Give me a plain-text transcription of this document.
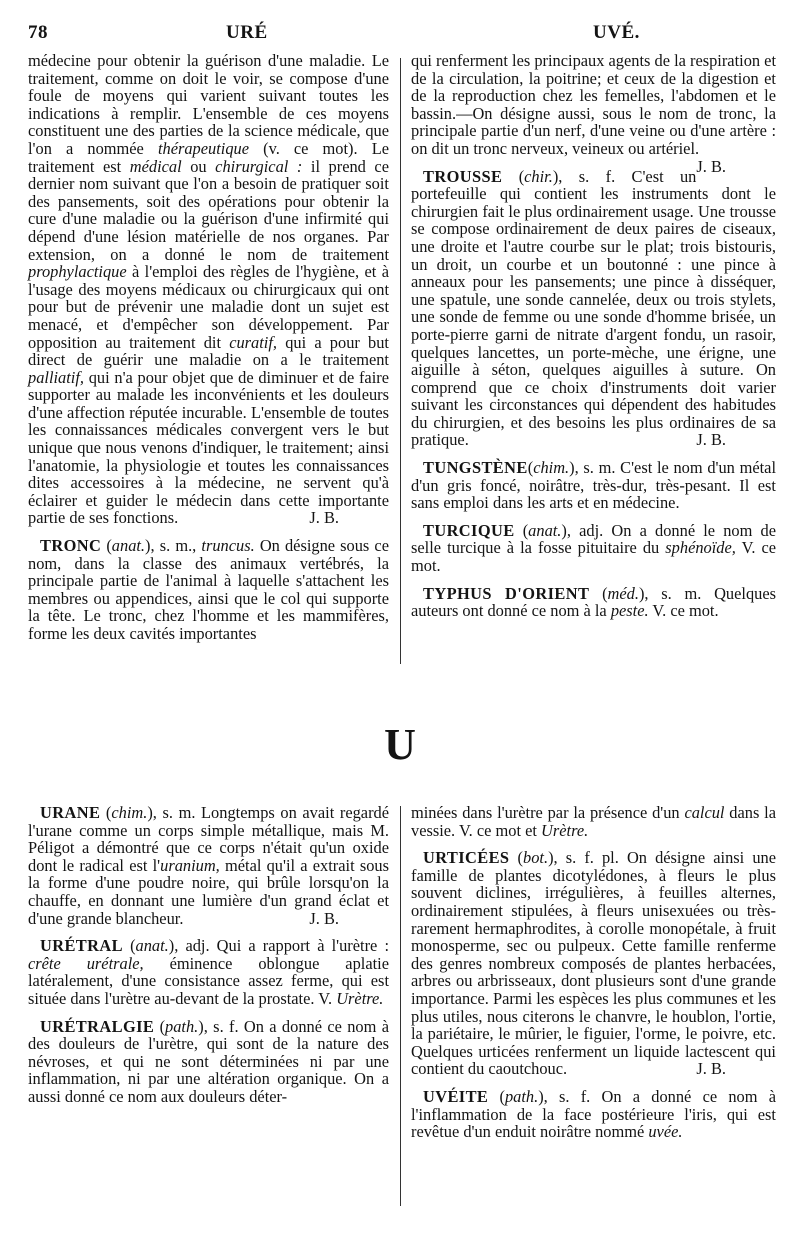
78	URÉ	UVÉ.

médecine pour obtenir la guérison d'une maladie. Le traitement, comme on doit le voir, se compose d'une foule de moyens qui varient suivant toutes les indications à remplir. L'ensemble de ces moyens constituent une des parties de la science médicale, que l'on a nommée thérapeutique (v. ce mot). Le traitement est médical ou chirurgical : il prend ce dernier nom suivant que l'on a besoin de pratiquer soit des pansements, soit des opérations pour obtenir la cure d'une maladie ou la guérison d'une infirmité qui dépend d'une lésion matérielle de nos organes. Par extension, on a donné le nom de traitement prophylactique à l'emploi des règles de l'hygiène, et à l'usage des moyens médicaux ou chirurgicaux qui ont pour but de prévenir une maladie dont un sujet est menacé, et d'empêcher son développement. Par opposition au traitement dit curatif, qui a pour but direct de guérir une maladie on a le traitement palliatif, qui n'a pour objet que de diminuer et de faire supporter au malade les inconvénients et les douleurs d'une affection réputée incurable. L'ensemble de toutes les connaissances médicales convergent vers le but unique que nous venons d'indiquer, le traitement; ainsi l'anatomie, la physiologie et toutes les connaissances dites accessoires à la médecine, ne servent qu'à éclairer et guider le médecin dans cette importante partie de ses fonctions.	J. B.

TRONC (anat.), s. m., truncus. On désigne sous ce nom, dans la classe des animaux vertébrés, la principale partie de l'animal à laquelle s'attachent les membres ou appendices, ainsi que le col qui supporte la tête. Le tronc, chez l'homme et les mammifères, forme les deux cavités importantes

qui renferment les principaux agents de la respiration et de la circulation, la poitrine; et ceux de la digestion et de la reproduction chez les femelles, l'abdomen et le bassin.—On désigne aussi, sous le nom de tronc, la principale partie d'un nerf, d'une veine ou d'une artère : on dit un tronc nerveux, veineux ou artériel.
J. B.

TROUSSE (chir.), s. f. C'est un portefeuille qui contient les instruments dont le chirurgien fait le plus ordinairement usage. Une trousse se compose ordinairement de deux paires de ciseaux, une droite et l'autre courbe sur le plat; trois bistouris, un droit, un courbe et un boutonné : une pince à anneaux pour les pansements; une pince à disséquer, une spatule, une sonde cannelée, deux ou trois stylets, une sonde de femme ou une sonde d'homme brisée, un porte-pierre garni de nitrate d'argent fondu, un rasoir, quelques lancettes, un porte-mèche, une érigne, une aiguille à séton, quelques aiguilles à suture. On comprend que ce choix d'instruments doit varier suivant les circonstances qui dépendent des habitudes du chirurgien, et des besoins les plus ordinaires de sa pratique.	J. B.

TUNGSTÈNE(chim.), s. m. C'est le nom d'un métal d'un gris foncé, noirâtre, très-dur, très-pesant. Il est sans emploi dans les arts et en médecine.

TURCIQUE (anat.), adj. On a donné le nom de selle turcique à la fosse pituitaire du sphénoïde, V. ce mot.

TYPHUS D'ORIENT (méd.), s. m. Quelques auteurs ont donné ce nom à la peste. V. ce mot.

U

URANE (chim.), s. m. Longtemps on avait regardé l'urane comme un corps simple métallique, mais M. Péligot a démontré que ce corps n'était qu'un oxide dont le radical est l'uranium, métal qu'il a extrait sous la forme d'une poudre noire, qui brûle lorsqu'on la chauffe, en donnant une lumière d'un grand éclat et d'une grande blancheur.	J. B.

URÉTRAL (anat.), adj. Qui a rapport à l'urètre : crête urétrale, éminence oblongue aplatie latéralement, d'une consistance assez ferme, qui est située dans l'urètre au-devant de la prostate. V. Urètre.

URÉTRALGIE (path.), s. f. On a donné ce nom à des douleurs de l'urètre, qui sont de la nature des névroses, et qui ne sont déterminées ni par une inflammation, ni par une altération organique. On a aussi donné ce nom aux douleurs déter-

minées dans l'urètre par la présence d'un calcul dans la vessie. V. ce mot et Urètre.

URTICÉES (bot.), s. f. pl. On désigne ainsi une famille de plantes dicotylédones, à fleurs le plus souvent diclines, irrégulières, à feuilles alternes, ordinairement stipulées, à fleurs unisexuées ou très-rarement hermaphrodites, à corolle monopétale, à fruit monosperme, sec ou pulpeux. Cette famille renferme des genres nombreux composés de plantes herbacées, arbres ou arbrisseaux, dont plusieurs sont d'une grande importance. Parmi les espèces les plus communes et les plus utiles, nous citerons le chanvre, le houblon, l'ortie, la pariétaire, le mûrier, le figuier, l'orme, le poivre, etc. Quelques urticées renferment un liquide lactescent qui contient du caoutchouc.	J. B.

UVÉITE (path.), s. f. On a donné ce nom à l'inflammation de la face postérieure l'iris, qui est revêtue d'un enduit noirâtre nommé uvée.
